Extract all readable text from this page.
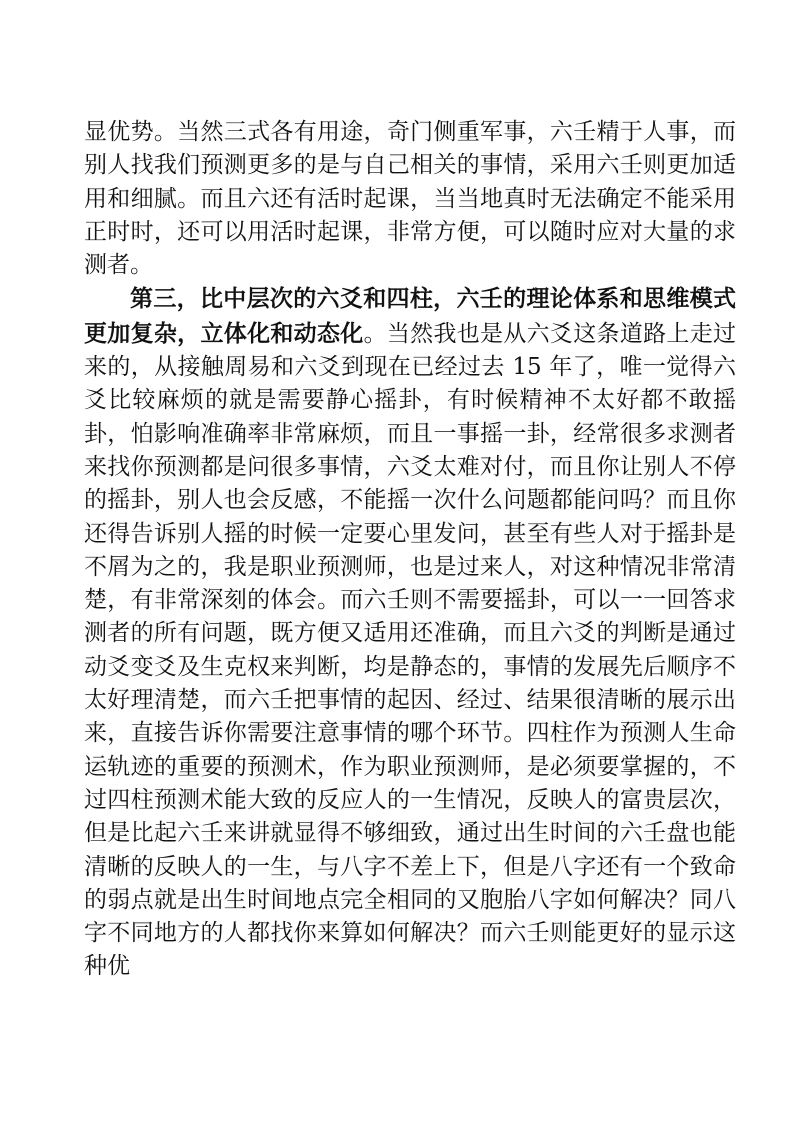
显优势。当然三式各有用途，奇门侧重军事，六壬精于人事，而别人找我们预测更多的是与自己相关的事情，采用六壬则更加适用和细腻。而且六还有活时起课，当当地真时无法确定不能采用正时时，还可以用活时起课，非常方便，可以随时应对大量的求测者。

第三，比中层次的六爻和四柱，六壬的理论体系和思维模式更加复杂，立体化和动态化。当然我也是从六爻这条道路上走过来的，从接触周易和六爻到现在已经过去 15 年了，唯一觉得六爻比较麻烦的就是需要静心摇卦，有时候精神不太好都不敢摇卦，怕影响准确率非常麻烦，而且一事摇一卦，经常很多求测者来找你预测都是问很多事情，六爻太难对付，而且你让别人不停的摇卦，别人也会反感，不能摇一次什么问题都能问吗？而且你还得告诉别人摇的时候一定要心里发问，甚至有些人对于摇卦是不屑为之的，我是职业预测师，也是过来人，对这种情况非常清楚，有非常深刻的体会。而六壬则不需要摇卦，可以一一回答求测者的所有问题，既方便又适用还准确，而且六爻的判断是通过动爻变爻及生克权来判断，均是静态的，事情的发展先后顺序不太好理清楚，而六壬把事情的起因、经过、结果很清晰的展示出来，直接告诉你需要注意事情的哪个环节。四柱作为预测人生命运轨迹的重要的预测术，作为职业预测师，是必须要掌握的，不过四柱预测术能大致的反应人的一生情况，反映人的富贵层次，但是比起六壬来讲就显得不够细致，通过出生时间的六壬盘也能清晰的反映人的一生，与八字不差上下，但是八字还有一个致命的弱点就是出生时间地点完全相同的又胞胎八字如何解决？同八字不同地方的人都找你来算如何解决？而六壬则能更好的显示这种优
